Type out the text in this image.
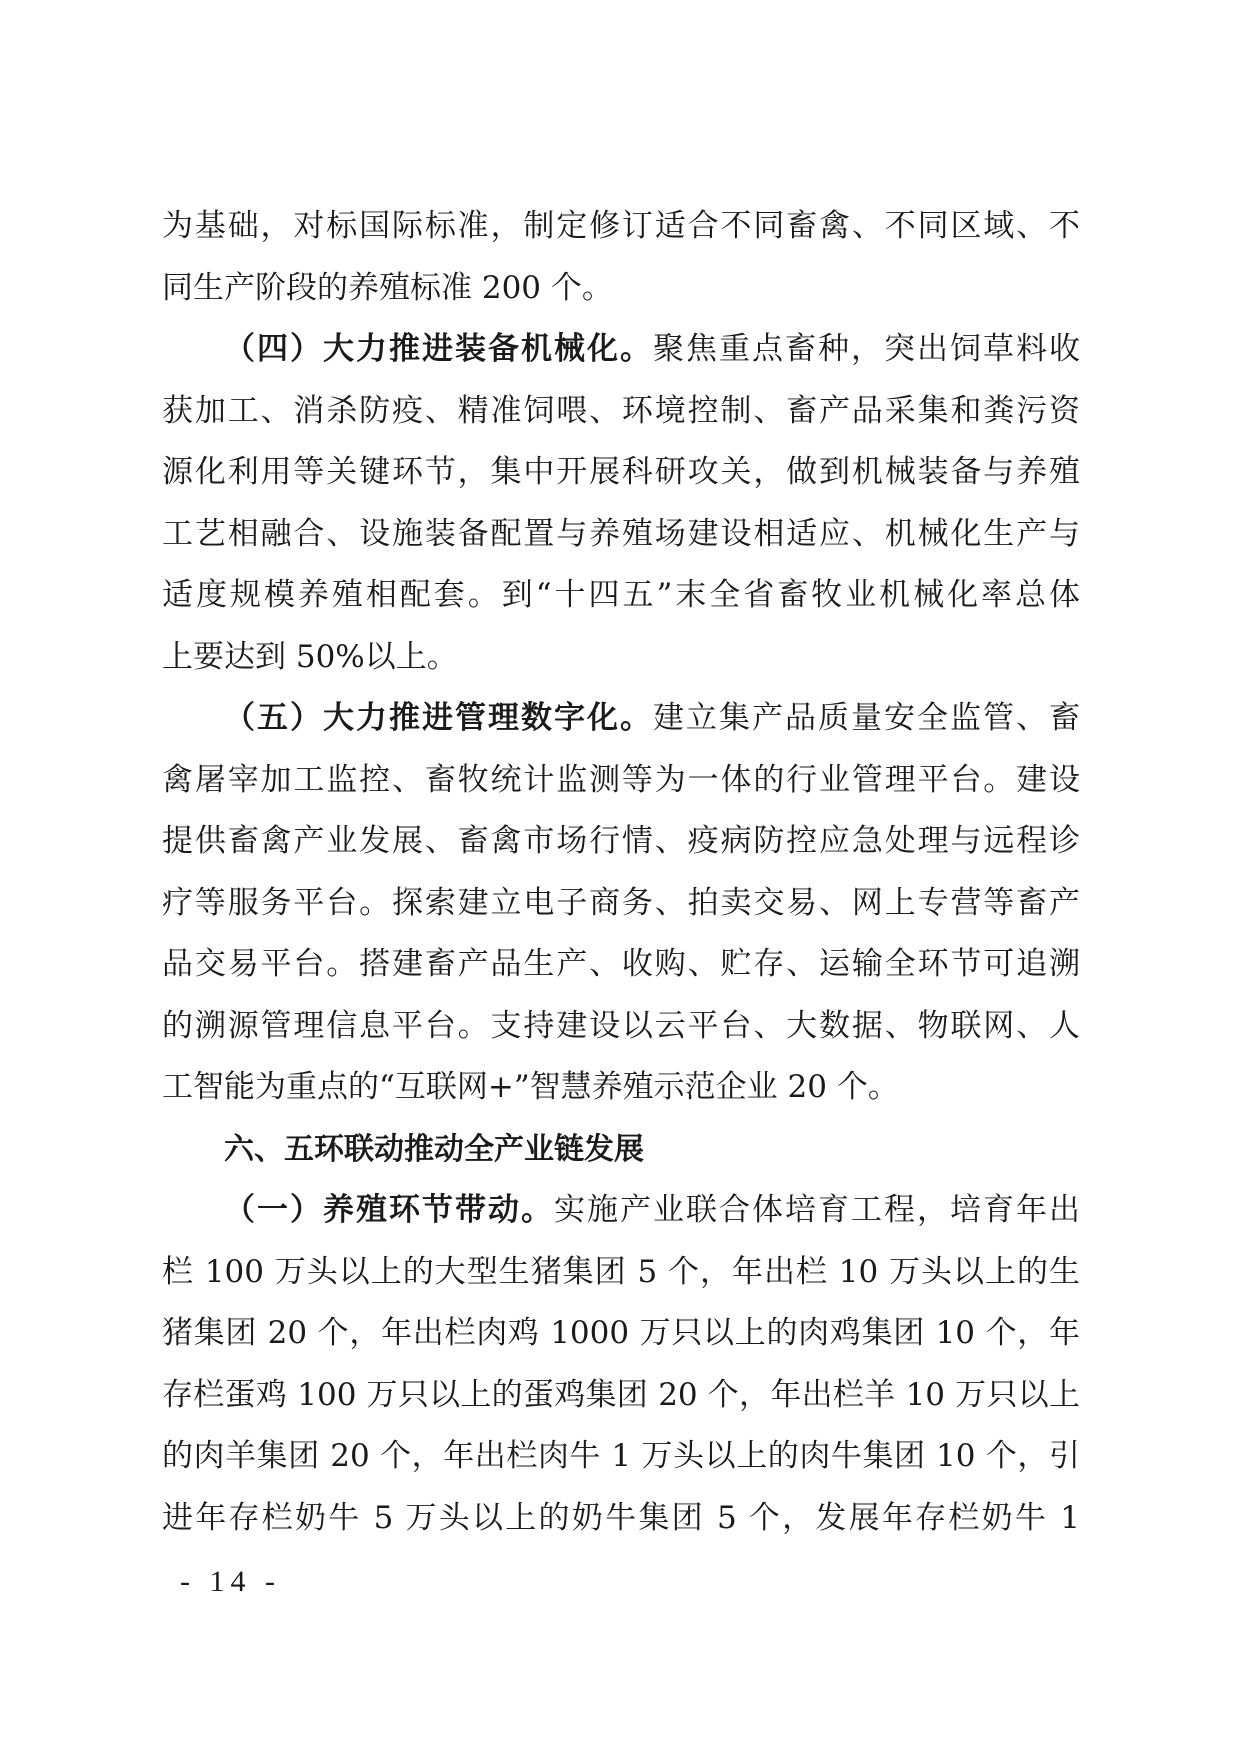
为基础，对标国际标准，制定修订适合不同畜禽、不同区域、不
同生产阶段的养殖标准 200 个。
（四）大力推进装备机械化。聚焦重点畜种，突出饲草料收
获加工、消杀防疫、精准饲喂、环境控制、畜产品采集和粪污资
源化利用等关键环节，集中开展科研攻关，做到机械装备与养殖
工艺相融合、设施装备配置与养殖场建设相适应、机械化生产与
适度规模养殖相配套。到“十四五”末全省畜牧业机械化率总体
上要达到 50%以上。
（五）大力推进管理数字化。建立集产品质量安全监管、畜
禽屠宰加工监控、畜牧统计监测等为一体的行业管理平台。建设
提供畜禽产业发展、畜禽市场行情、疫病防控应急处理与远程诊
疗等服务平台。探索建立电子商务、拍卖交易、网上专营等畜产
品交易平台。搭建畜产品生产、收购、贮存、运输全环节可追溯
的溯源管理信息平台。支持建设以云平台、大数据、物联网、人
工智能为重点的“互联网+”智慧养殖示范企业 20 个。
六、五环联动推动全产业链发展
（一）养殖环节带动。实施产业联合体培育工程，培育年出
栏 100 万头以上的大型生猪集团 5 个，年出栏 10 万头以上的生
猪集团 20 个，年出栏肉鸡 1000 万只以上的肉鸡集团 10 个，年
存栏蛋鸡 100 万只以上的蛋鸡集团 20 个，年出栏羊 10 万只以上
的肉羊集团 20 个，年出栏肉牛 1 万头以上的肉牛集团 10 个，引
进年存栏奶牛 5 万头以上的奶牛集团 5 个，发展年存栏奶牛 1
- 14 -
